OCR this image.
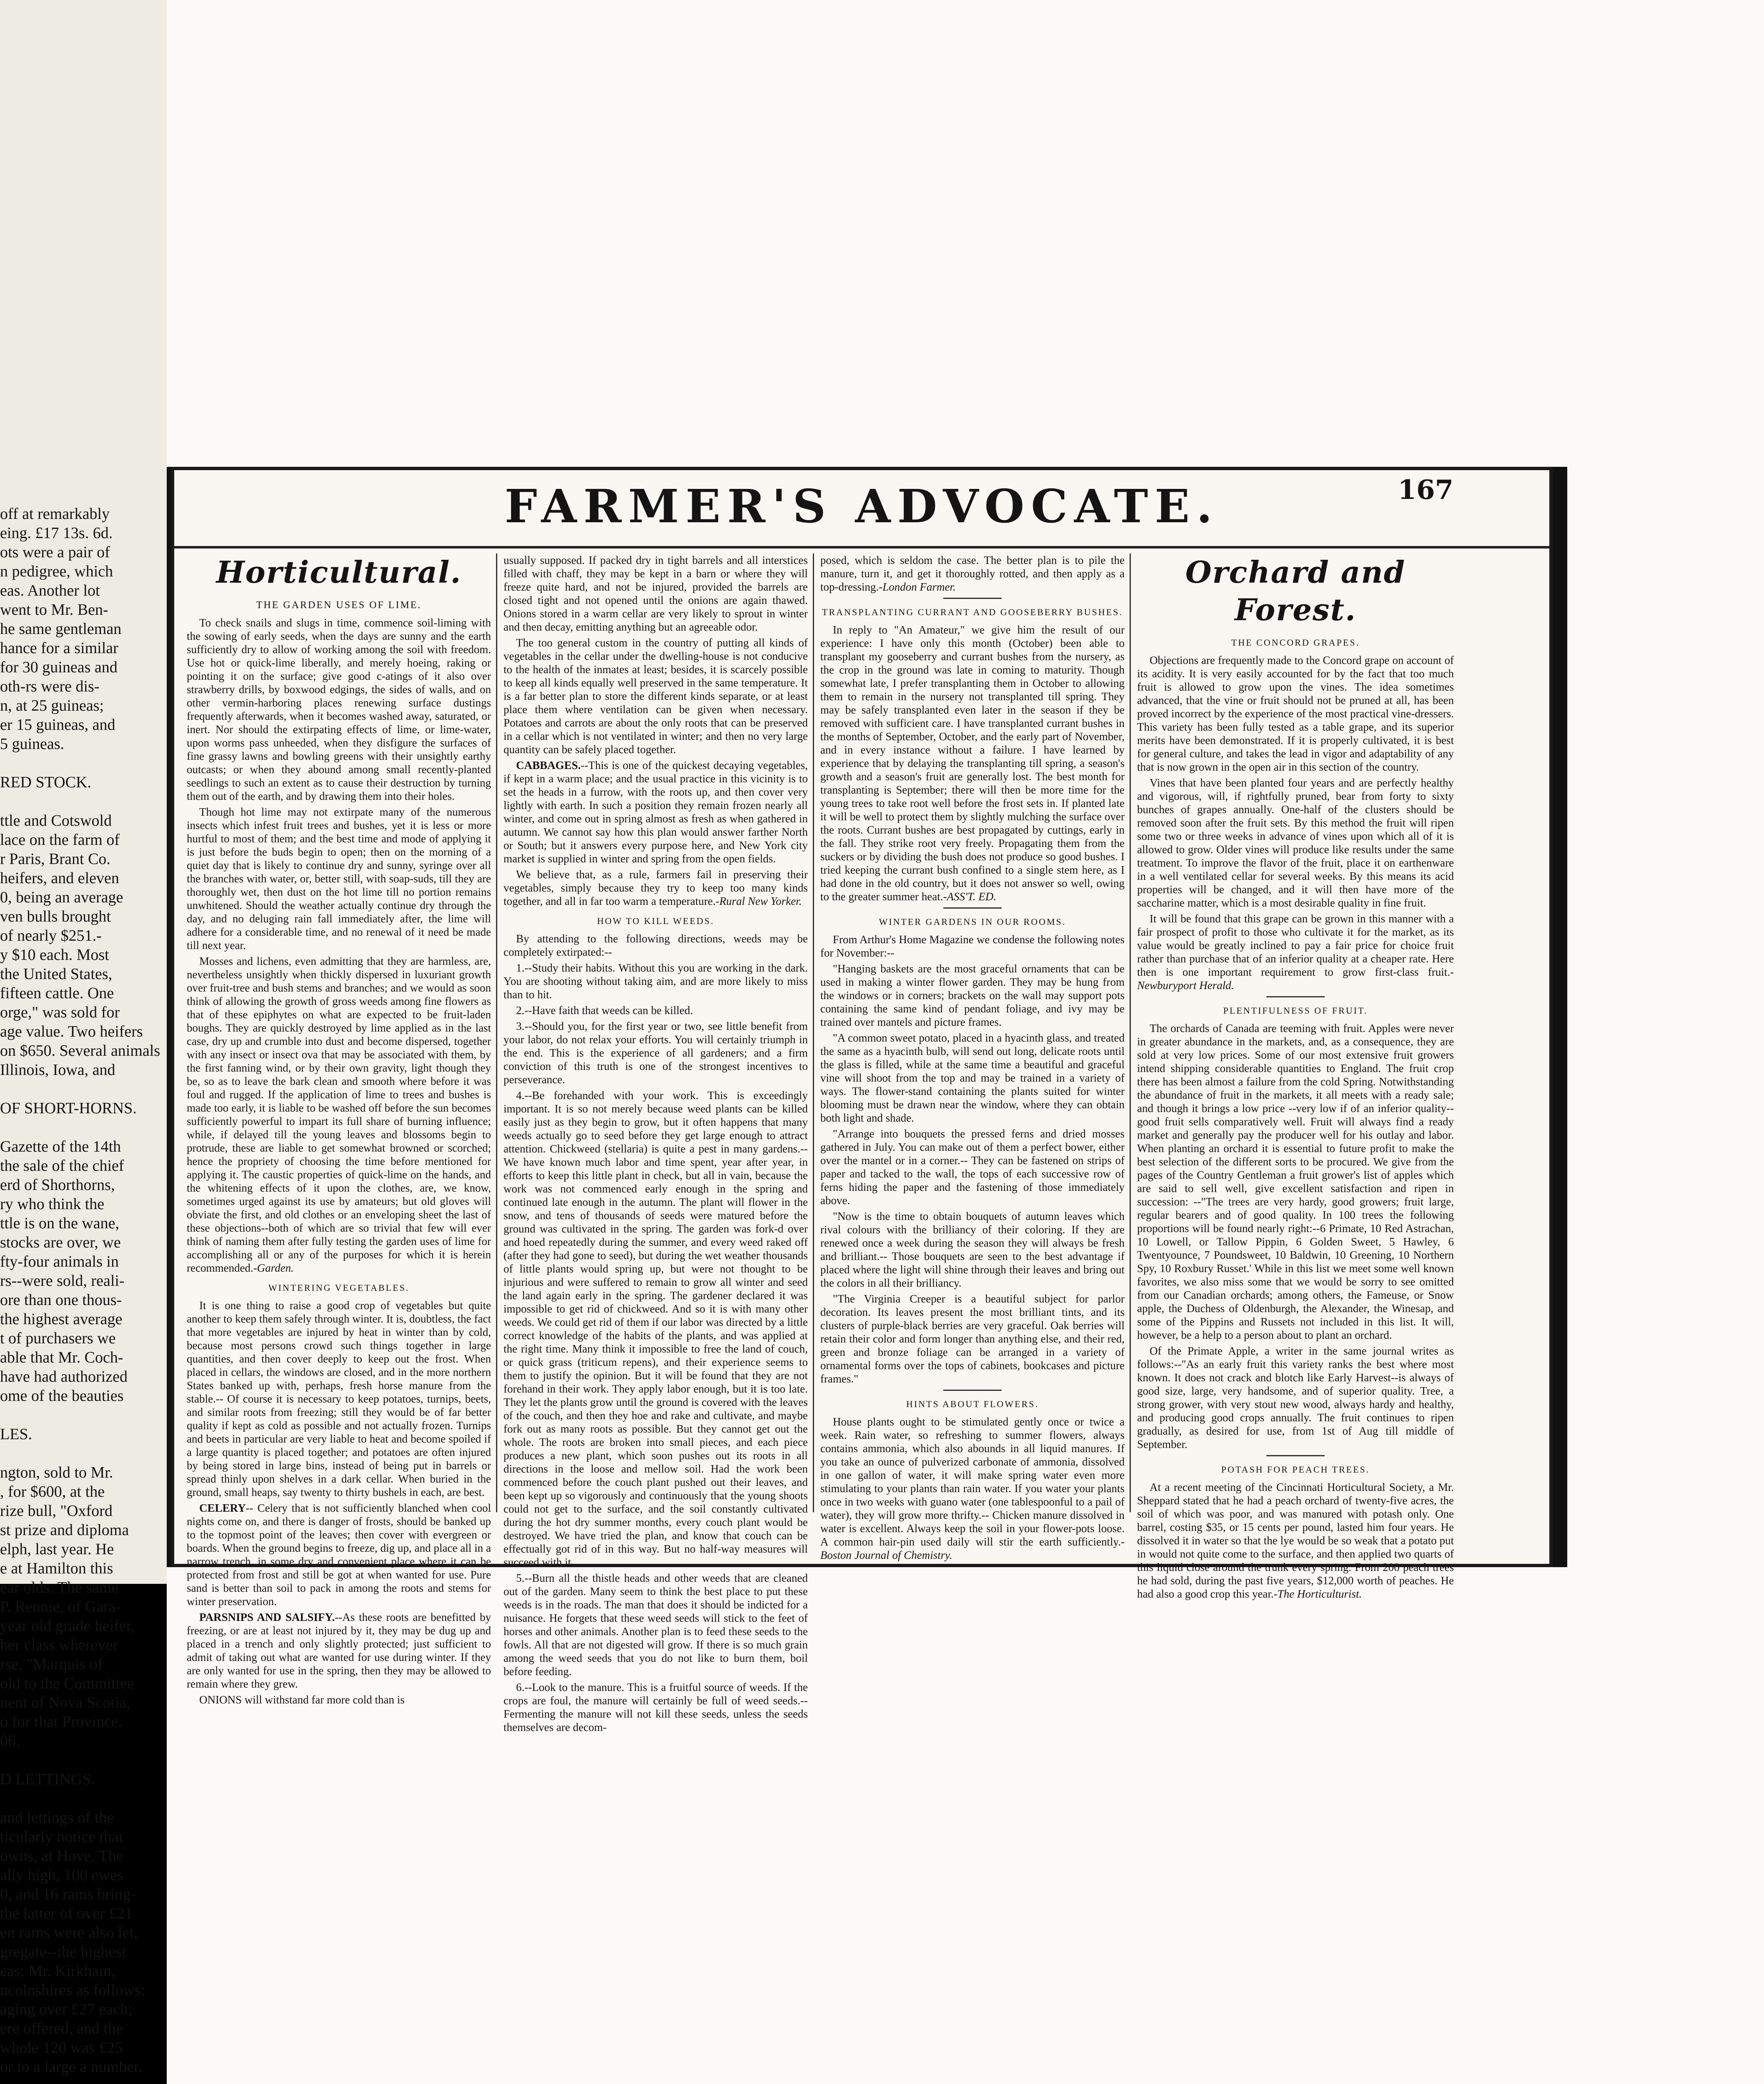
off at remarkably
eing. £17 13s. 6d.
ots were a pair of
n pedigree, which
eas. Another lot
went to Mr. Ben-
he same gentleman
hance for a similar
for 30 guineas and
oth-rs were dis-
n, at 25 guineas;
er 15 guineas, and
5 guineas.

RED STOCK.

ttle and Cotswold
lace on the farm of
r Paris, Brant Co.
heifers, and eleven
0, being an average
ven bulls brought
of nearly $251.-
y $10 each. Most
the United States,
fifteen cattle. One
orge," was sold for
age value. Two heifers
on $650. Several animals
Illinois, Iowa, and

OF SHORT-HORNS.

Gazette of the 14th
the sale of the chief
erd of Shorthorns,
ry who think the
ttle is on the wane,
stocks are over, we
fty-four animals in
rs--were sold, reali-
ore than one thous-
the highest average
t of purchasers we
able that Mr. Coch-
have had authorized
ome of the beauties

LES.

ngton, sold to Mr.
, for $600, at the
rize bull, "Oxford
st prize and diploma
elph, last year. He
e at Hamilton this
ear olds. The same
P. Rennie, of Gara-
year old grade heifer,
her class wherever
rse, "Marquis of
old to the Committee
nent of Nova Scotia,
o for that Province.
06.

D LETTINGS.

and lettings of the
ticularly notice that
owns, at Hove. The
ally high, 100 ewes
0, and 16 rams bring-
the latter of over £21
en rams were also let,
gregate--the highest
eas: Mr. Kirkham,
ncolnshires as follows:
aging over £27 each;
ere offered, and the
whole 120 was £25
or to a large a number.

FARMER'S ADVOCATE.	167
Horticultural.
THE GARDEN USES OF LIME.

To check snails and slugs in time, commence soil-liming with the sowing of early seeds, when the days are sunny and the earth sufficiently dry to allow of working among the soil with freedom. Use hot or quick-lime liberally, and merely hoeing, raking or pointing it on the surface; give good c-atings of it also over strawberry drills, by boxwood edgings, the sides of walls, and on other vermin-harboring places renewing surface dustings frequently afterwards, when it becomes washed away, saturated, or inert. Nor should the extirpating effects of lime, or lime-water, upon worms pass unheeded, when they disfigure the surfaces of fine grassy lawns and bowling greens with their unsightly earthy outcasts; or when they abound among small recently-planted seedlings to such an extent as to cause their destruction by turning them out of the earth, and by drawing them into their holes.

Though hot lime may not extirpate many of the numerous insects which infest fruit trees and bushes, yet it is less or more hurtful to most of them; and the best time and mode of applying it is just before the buds begin to open; then on the morning of a quiet day that is likely to continue dry and sunny, syringe over all the branches with water, or, better still, with soap-suds, till they are thoroughly wet, then dust on the hot lime till no portion remains unwhitened. Should the weather actually continue dry through the day, and no deluging rain fall immediately after, the lime will adhere for a considerable time, and no renewal of it need be made till next year.

Mosses and lichens, even admitting that they are harmless, are, nevertheless unsightly when thickly dispersed in luxuriant growth over fruit-tree and bush stems and branches; and we would as soon think of allowing the growth of gross weeds among fine flowers as that of these epiphytes on what are expected to be fruit-laden boughs. They are quickly destroyed by lime applied as in the last case, dry up and crumble into dust and become dispersed, together with any insect or insect ova that may be associated with them, by the first fanning wind, or by their own gravity, light though they be, so as to leave the bark clean and smooth where before it was foul and rugged. If the application of lime to trees and bushes is made too early, it is liable to be washed off before the sun becomes sufficiently powerful to impart its full share of burning influence; while, if delayed till the young leaves and blossoms begin to protrude, these are liable to get somewhat browned or scorched; hence the propriety of choosing the time before mentioned for applying it. The caustic properties of quick-lime on the hands, and the whitening effects of it upon the clothes, are, we know, sometimes urged against its use by amateurs; but old gloves will obviate the first, and old clothes or an enveloping sheet the last of these objections--both of which are so trivial that few will ever think of naming them after fully testing the garden uses of lime for accomplishing all or any of the purposes for which it is herein recommended.-Garden.

WINTERING VEGETABLES.

It is one thing to raise a good crop of vegetables but quite another to keep them safely through winter. It is, doubtless, the fact that more vegetables are injured by heat in winter than by cold, because most persons crowd such things together in large quantities, and then cover deeply to keep out the frost. When placed in cellars, the windows are closed, and in the more northern States banked up with, perhaps, fresh horse manure from the stable.-- Of course it is necessary to keep potatoes, turnips, beets, and similar roots from freezing; still they would be of far better quality if kept as cold as possible and not actually frozen. Turnips and beets in particular are very liable to heat and become spoiled if a large quantity is placed together; and potatoes are often injured by being stored in large bins, instead of being put in barrels or spread thinly upon shelves in a dark cellar. When buried in the ground, small heaps, say twenty to thirty bushels in each, are best.

CELERY-- Celery that is not sufficiently blanched when cool nights come on, and there is danger of frosts, should be banked up to the topmost point of the leaves; then cover with evergreen or boards. When the ground begins to freeze, dig up, and place all in a narrow trench, in some dry and convenient place where it can be protected from frost and still be got at when wanted for use. Pure sand is better than soil to pack in among the roots and stems for winter preservation.

PARSNIPS AND SALSIFY.--As these roots are benefitted by freezing, or are at least not injured by it, they may be dug up and placed in a trench and only slightly protected; just sufficient to admit of taking out what are wanted for use during winter. If they are only wanted for use in the spring, then they may be allowed to remain where they grew.

ONIONS will withstand far more cold than is

usually supposed. If packed dry in tight barrels and all interstices filled with chaff, they may be kept in a barn or where they will freeze quite hard, and not be injured, provided the barrels are closed tight and not opened until the onions are again thawed. Onions stored in a warm cellar are very likely to sprout in winter and then decay, emitting anything but an agreeable odor.

The too general custom in the country of putting all kinds of vegetables in the cellar under the dwelling-house is not conducive to the health of the inmates at least; besides, it is scarcely possible to keep all kinds equally well preserved in the same temperature. It is a far better plan to store the different kinds separate, or at least place them where ventilation can be given when necessary. Potatoes and carrots are about the only roots that can be preserved in a cellar which is not ventilated in winter; and then no very large quantity can be safely placed together.

CABBAGES.--This is one of the quickest decaying vegetables, if kept in a warm place; and the usual practice in this vicinity is to set the heads in a furrow, with the roots up, and then cover very lightly with earth. In such a position they remain frozen nearly all winter, and come out in spring almost as fresh as when gathered in autumn. We cannot say how this plan would answer farther North or South; but it answers every purpose here, and New York city market is supplied in winter and spring from the open fields.

We believe that, as a rule, farmers fail in preserving their vegetables, simply because they try to keep too many kinds together, and all in far too warm a temperature.-Rural New Yorker.

HOW TO KILL WEEDS.

By attending to the following directions, weeds may be completely extirpated:--

1.--Study their habits. Without this you are working in the dark. You are shooting without taking aim, and are more likely to miss than to hit.

2.--Have faith that weeds can be killed.

3.--Should you, for the first year or two, see little benefit from your labor, do not relax your efforts. You will certainly triumph in the end. This is the experience of all gardeners; and a firm conviction of this truth is one of the strongest incentives to perseverance.

4.--Be forehanded with your work. This is exceedingly important. It is so not merely because weed plants can be killed easily just as they begin to grow, but it often happens that many weeds actually go to seed before they get large enough to attract attention. Chickweed (stellaria) is quite a pest in many gardens.-- We have known much labor and time spent, year after year, in efforts to keep this little plant in check, but all in vain, because the work was not commenced early enough in the spring and continued late enough in the autumn. The plant will flower in the snow, and tens of thousands of seeds were matured before the ground was cultivated in the spring. The garden was fork-d over and hoed repeatedly during the summer, and every weed raked off (after they had gone to seed), but during the wet weather thousands of little plants would spring up, but were not thought to be injurious and were suffered to remain to grow all winter and seed the land again early in the spring. The gardener declared it was impossible to get rid of chickweed. And so it is with many other weeds. We could get rid of them if our labor was directed by a little correct knowledge of the habits of the plants, and was applied at the right time. Many think it impossible to free the land of couch, or quick grass (triticum repens), and their experience seems to them to justify the opinion. But it will be found that they are not forehand in their work. They apply labor enough, but it is too late. They let the plants grow until the ground is covered with the leaves of the couch, and then they hoe and rake and cultivate, and maybe fork out as many roots as possible. But they cannot get out the whole. The roots are broken into small pieces, and each piece produces a new plant, which soon pushes out its roots in all directions in the loose and mellow soil. Had the work been commenced before the couch plant pushed out their leaves, and been kept up so vigorously and continuously that the young shoots could not get to the surface, and the soil constantly cultivated during the hot dry summer months, every couch plant would be destroyed. We have tried the plan, and know that couch can be effectually got rid of in this way. But no half-way measures will succeed with it.

5.--Burn all the thistle heads and other weeds that are cleaned out of the garden. Many seem to think the best place to put these weeds is in the roads. The man that does it should be indicted for a nuisance. He forgets that these weed seeds will stick to the feet of horses and other animals. Another plan is to feed these seeds to the fowls. All that are not digested will grow. If there is so much grain among the weed seeds that you do not like to burn them, boil before feeding.

6.--Look to the manure. This is a fruitful source of weeds. If the crops are foul, the manure will certainly be full of weed seeds.-- Fermenting the manure will not kill these seeds, unless the seeds themselves are decom-

posed, which is seldom the case. The better plan is to pile the manure, turn it, and get it thoroughly rotted, and then apply as a top-dressing.-London Farmer.

TRANSPLANTING CURRANT AND GOOSEBERRY BUSHES.

In reply to "An Amateur," we give him the result of our experience: I have only this month (October) been able to transplant my gooseberry and currant bushes from the nursery, as the crop in the ground was late in coming to maturity. Though somewhat late, I prefer transplanting them in October to allowing them to remain in the nursery not transplanted till spring. They may be safely transplanted even later in the season if they be removed with sufficient care. I have transplanted currant bushes in the months of September, October, and the early part of November, and in every instance without a failure. I have learned by experience that by delaying the transplanting till spring, a season's growth and a season's fruit are generally lost. The best month for transplanting is September; there will then be more time for the young trees to take root well before the frost sets in. If planted late it will be well to protect them by slightly mulching the surface over the roots. Currant bushes are best propagated by cuttings, early in the fall. They strike root very freely. Propagating them from the suckers or by dividing the bush does not produce so good bushes. I tried keeping the currant bush confined to a single stem here, as I had done in the old country, but it does not answer so well, owing to the greater summer heat.-ASS'T. ED.

WINTER GARDENS IN OUR ROOMS.

From Arthur's Home Magazine we condense the following notes for November:--

"Hanging baskets are the most graceful ornaments that can be used in making a winter flower garden. They may be hung from the windows or in corners; brackets on the wall may support pots containing the same kind of pendant foliage, and ivy may be trained over mantels and picture frames.

"A common sweet potato, placed in a hyacinth glass, and treated the same as a hyacinth bulb, will send out long, delicate roots until the glass is filled, while at the same time a beautiful and graceful vine will shoot from the top and may be trained in a variety of ways. The flower-stand containing the plants suited for winter blooming must be drawn near the window, where they can obtain both light and shade.

"Arrange into bouquets the pressed ferns and dried mosses gathered in July. You can make out of them a perfect bower, either over the mantel or in a corner.-- They can be fastened on strips of paper and tacked to the wall, the tops of each successive row of ferns hiding the paper and the fastening of those immediately above.

"Now is the time to obtain bouquets of autumn leaves which rival colours with the brilliancy of their coloring. If they are renewed once a week during the season they will always be fresh and brilliant.-- Those bouquets are seen to the best advantage if placed where the light will shine through their leaves and bring out the colors in all their brilliancy.

"The Virginia Creeper is a beautiful subject for parlor decoration. Its leaves present the most brilliant tints, and its clusters of purple-black berries are very graceful. Oak berries will retain their color and form longer than anything else, and their red, green and bronze foliage can be arranged in a variety of ornamental forms over the tops of cabinets, bookcases and picture frames."

HINTS ABOUT FLOWERS.

House plants ought to be stimulated gently once or twice a week. Rain water, so refreshing to summer flowers, always contains ammonia, which also abounds in all liquid manures. If you take an ounce of pulverized carbonate of ammonia, dissolved in one gallon of water, it will make spring water even more stimulating to your plants than rain water. If you water your plants once in two weeks with guano water (one tablespoonful to a pail of water), they will grow more thrifty.-- Chicken manure dissolved in water is excellent. Always keep the soil in your flower-pots loose. A common hair-pin used daily will stir the earth sufficiently.-Boston Journal of Chemistry.

Orchard and Forest.
THE CONCORD GRAPES.

Objections are frequently made to the Concord grape on account of its acidity. It is very easily accounted for by the fact that too much fruit is allowed to grow upon the vines. The idea sometimes advanced, that the vine or fruit should not be pruned at all, has been proved incorrect by the experience of the most practical vine-dressers. This variety has been fully tested as a table grape, and its superior merits have been demonstrated. If it is properly cultivated, it is best for general culture, and takes the lead in vigor and adaptability of any that is now grown in the open air in this section of the country.

Vines that have been planted four years and are perfectly healthy and vigorous, will, if rightfully pruned, bear from forty to sixty bunches of grapes annually. One-half of the clusters should be removed soon after the fruit sets. By this method the fruit will ripen some two or three weeks in advance of vines upon which all of it is allowed to grow. Older vines will produce like results under the same treatment. To improve the flavor of the fruit, place it on earthenware in a well ventilated cellar for several weeks. By this means its acid properties will be changed, and it will then have more of the saccharine matter, which is a most desirable quality in fine fruit.

It will be found that this grape can be grown in this manner with a fair prospect of profit to those who cultivate it for the market, as its value would be greatly inclined to pay a fair price for choice fruit rather than purchase that of an inferior quality at a cheaper rate. Here then is one important requirement to grow first-class fruit.-Newburyport Herald.

PLENTIFULNESS OF FRUIT.

The orchards of Canada are teeming with fruit. Apples were never in greater abundance in the markets, and, as a consequence, they are sold at very low prices. Some of our most extensive fruit growers intend shipping considerable quantities to England. The fruit crop there has been almost a failure from the cold Spring. Notwithstanding the abundance of fruit in the markets, it all meets with a ready sale; and though it brings a low price --very low if of an inferior quality--good fruit sells comparatively well. Fruit will always find a ready market and generally pay the producer well for his outlay and labor. When planting an orchard it is essential to future profit to make the best selection of the different sorts to be procured. We give from the pages of the Country Gentleman a fruit grower's list of apples which are said to sell well, give excellent satisfaction and ripen in succession: --"The trees are very hardy, good growers; fruit large, regular bearers and of good quality. In 100 trees the following proportions will be found nearly right:--6 Primate, 10 Red Astrachan, 10 Lowell, or Tallow Pippin, 6 Golden Sweet, 5 Hawley, 6 Twentyounce, 7 Poundsweet, 10 Baldwin, 10 Greening, 10 Northern Spy, 10 Roxbury Russet.' While in this list we meet some well known favorites, we also miss some that we would be sorry to see omitted from our Canadian orchards; among others, the Fameuse, or Snow apple, the Duchess of Oldenburgh, the Alexander, the Winesap, and some of the Pippins and Russets not included in this list. It will, however, be a help to a person about to plant an orchard.

Of the Primate Apple, a writer in the same journal writes as follows:--"As an early fruit this variety ranks the best where most known. It does not crack and blotch like Early Harvest--is always of good size, large, very handsome, and of superior quality. Tree, a strong grower, with very stout new wood, always hardy and healthy, and producing good crops annually. The fruit continues to ripen gradually, as desired for use, from 1st of Aug till middle of September.

POTASH FOR PEACH TREES.

At a recent meeting of the Cincinnati Horticultural Society, a Mr. Sheppard stated that he had a peach orchard of twenty-five acres, the soil of which was poor, and was manured with potash only. One barrel, costing $35, or 15 cents per pound, lasted him four years. He dissolved it in water so that the lye would be so weak that a potato put in would not quite come to the surface, and then applied two quarts of this liquid close around the trunk every spring. From 200 peach trees he had sold, during the past five years, $12,000 worth of peaches. He had also a good crop this year.-The Horticulturist.
